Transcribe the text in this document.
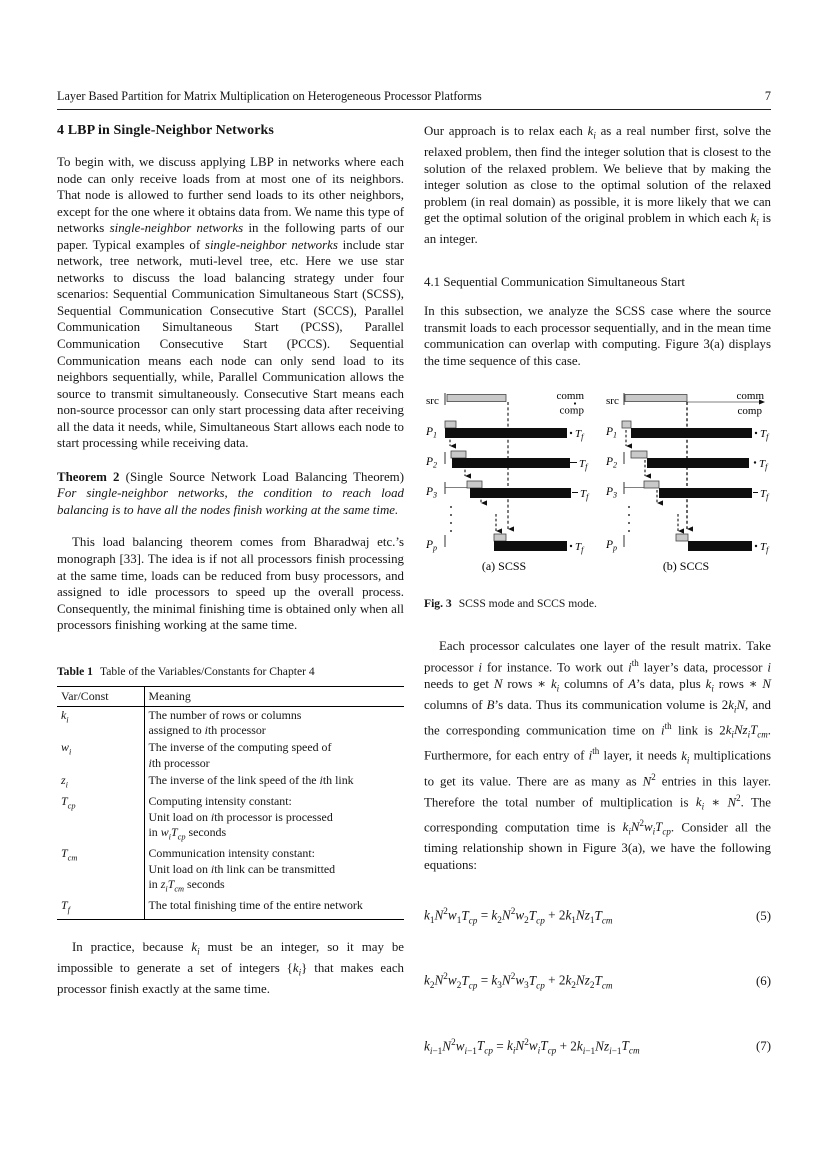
Layer Based Partition for Matrix Multiplication on Heterogeneous Processor Platforms	7
4 LBP in Single-Neighbor Networks

To begin with, we discuss applying LBP in networks where each node can only receive loads from at most one of its neighbors. That node is allowed to further send loads to its other neighbors, except for the one where it obtains data from. We name this type of networks single-neighbor networks in the following parts of our paper. Typical examples of single-neighbor networks include star network, tree network, muti-level tree, etc. Here we use star networks to discuss the load balancing strategy under four scenarios: Sequential Communication Simultaneous Start (SCSS), Sequential Communication Consecutive Start (SCCS), Parallel Communication Simultaneous Start (PCSS), Parallel Communication Consecutive Start (PCCS). Sequential Communication means each node can only send load to its neighbors sequentially, while, Parallel Communication allows the source to transmit simultaneously. Consecutive Start means each non-source processor can only start processing data after receiving all the data it needs, while, Simultaneous Start allows each node to start processing while receiving data.

Theorem 2 (Single Source Network Load Balancing Theorem) For single-neighbor networks, the condition to reach load balancing is to have all the nodes finish working at the same time.

This load balancing theorem comes from Bharadwaj etc.’s monograph [33]. The idea is if not all processors finish processing at the same time, loads can be reduced from busy processors, and assigned to idle processors to speed up the overall process. Consequently, the minimal finishing time is obtained only when all processors finishing working at the same time.

Table 1 Table of the Variables/Constants for Chapter 4
Var/Const	Meaning
$k_i$	The number of rows or columns
assigned to ith processor
$w_i$	The inverse of the computing speed of
ith processor
$z_i$	The inverse of the link speed of the ith link
$T_{cp}$	Computing intensity constant:
Unit load on ith processor is processed
in $w_iT_{cp}$ seconds
$T_{cm}$	Communication intensity constant:
Unit load on ith link can be transmitted
in $z_iT_{cm}$ seconds
$T_f$	The total finishing time of the entire network

In practice, because $k_i$ must be an integer, so it may be impossible to generate a set of integers $\{k_i\}$ that makes each processor finish exactly at the same time.

Our approach is to relax each $k_i$ as a real number first, solve the relaxed problem, then find the integer solution that is closest to the solution of the relaxed problem. We believe that by making the integer solution as close to the optimal solution of the relaxed problem (in real domain) as possible, it is more likely that we can get the optimal solution of the original problem in which each $k_i$ is an integer.

4.1 Sequential Communication Simultaneous Start

In this subsection, we analyze the SCSS case where the source transmit loads to each processor sequentially, and in the mean time communication can overlap with computing. Figure 3(a) displays the time sequence of this case.

src	comm
comp
$P_1$	$T_f$
$P_2$	$T_f$
$P_3$	$T_f$
$P_p$	$T_f$
(a) SCSS
src	comm
comp
$P_1$	$T_f$
$P_2$	$T_f$
$P_3$	$T_f$
$P_p$	$T_f$
(b) SCCS
Fig. 3 SCSS mode and SCCS mode.

Each processor calculates one layer of the result matrix. Take processor i for instance. To work out $i^{th}$ layer’s data, processor i needs to get N rows ∗ $k_i$ columns of A’s data, plus $k_i$ rows ∗ N columns of B’s data. Thus its communication volume is $2k_iN$, and the corresponding communication time on $i^{th}$ link is $2k_iNz_iT_{cm}$. Furthermore, for each entry of $i^{th}$ layer, it needs $k_i$ multiplications to get its value. There are as many as $N^2$ entries in this layer. Therefore the total number of multiplication is $k_i$ ∗ $N^2$. The corresponding computation time is $k_iN^2w_iT_{cp}$. Consider all the timing relationship shown in Figure 3(a), we have the following equations:

$k_1N^2w_1T_{cp} = k_2N^2w_2T_{cp} + 2k_1Nz_1T_{cm}$	(5)
$k_2N^2w_2T_{cp} = k_3N^2w_3T_{cp} + 2k_2Nz_2T_{cm}$	(6)
$k_{i-1}N^2w_{i-1}T_{cp} = k_iN^2w_iT_{cp} + 2k_{i-1}Nz_{i-1}T_{cm}$	(7)
